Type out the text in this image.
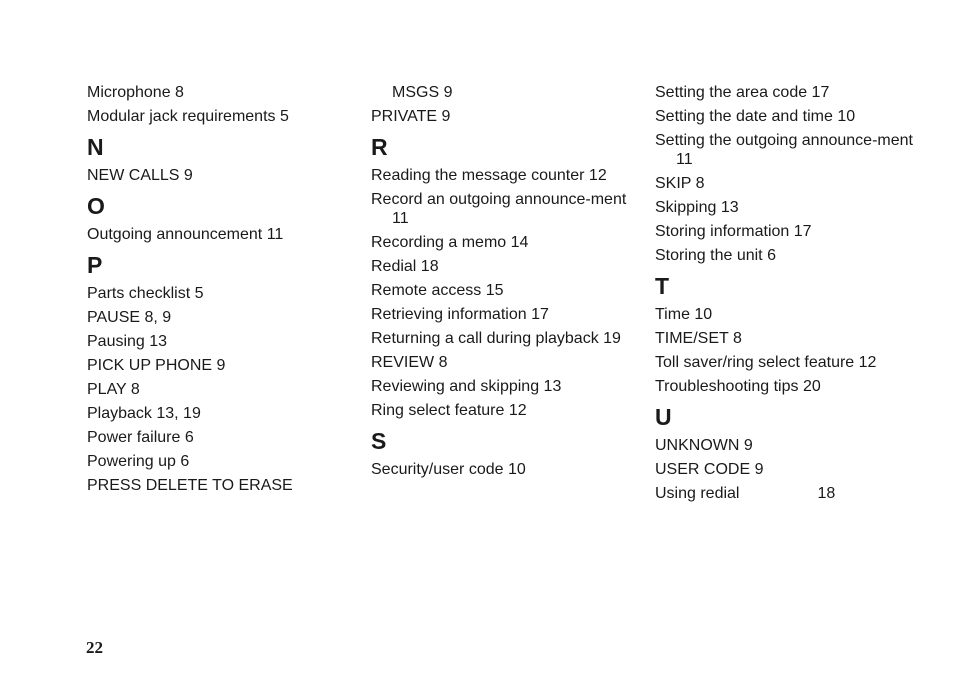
Microphone 8
Modular jack requirements 5
N
NEW CALLS 9
O
Outgoing announcement 11
P
Parts checklist 5
PAUSE 8, 9
Pausing 13
PICK UP PHONE 9
PLAY 8
Playback 13, 19
Power failure 6
Powering up 6
PRESS DELETE TO ERASE
MSGS 9
PRIVATE 9
R
Reading the message counter 12
Record an outgoing announce-ment 11
Recording a memo 14
Redial 18
Remote access 15
Retrieving information 17
Returning a call during playback 19
REVIEW 8
Reviewing and skipping 13
Ring select feature 12
S
Security/user code 10
Setting the area code 17
Setting the date and time 10
Setting the outgoing announce-ment 11
SKIP 8
Skipping 13
Storing information 17
Storing the unit 6
T
Time 10
TIME/SET 8
Toll saver/ring select feature 12
Troubleshooting tips 20
U
UNKNOWN 9
USER CODE 9
Using redial	18
22
